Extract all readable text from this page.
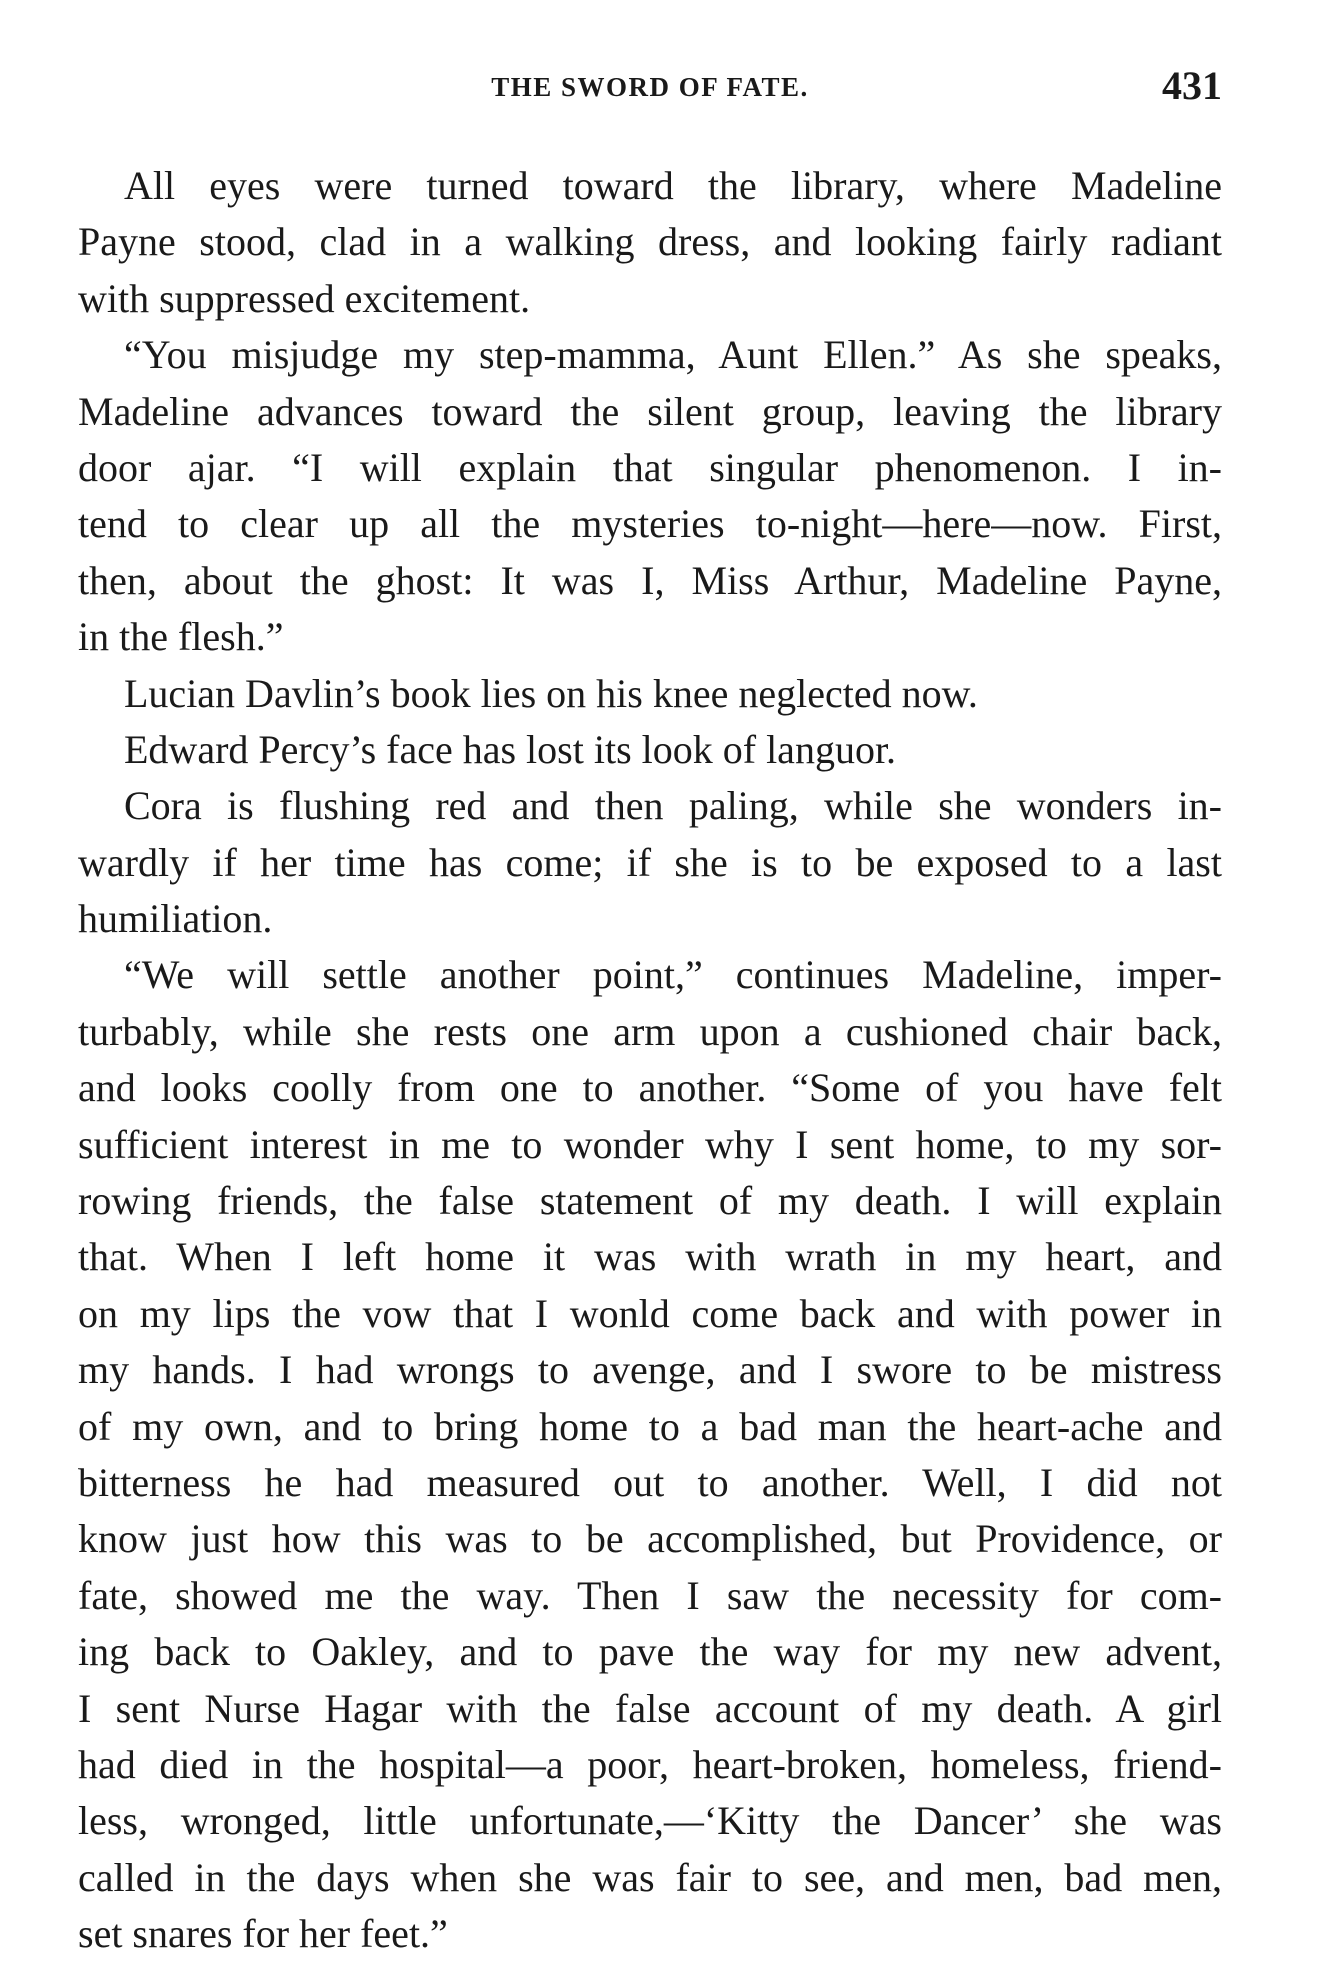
THE SWORD OF FATE.	431
All eyes were turned toward the library, where Madeline
Payne stood, clad in a walking dress, and looking fairly radiant
with suppressed excitement.
“You misjudge my step-mamma, Aunt Ellen.” As she speaks,
Madeline advances toward the silent group, leaving the library
door ajar. “I will explain that singular phenomenon. I in-
tend to clear up all the mysteries to-night—here—now. First,
then, about the ghost: It was I, Miss Arthur, Madeline Payne,
in the flesh.”
Lucian Davlin’s book lies on his knee neglected now.
Edward Percy’s face has lost its look of languor.
Cora is flushing red and then paling, while she wonders in-
wardly if her time has come; if she is to be exposed to a last
humiliation.
“We will settle another point,” continues Madeline, imper-
turbably, while she rests one arm upon a cushioned chair back,
and looks coolly from one to another. “Some of you have felt
sufficient interest in me to wonder why I sent home, to my sor-
rowing friends, the false statement of my death. I will explain
that. When I left home it was with wrath in my heart, and
on my lips the vow that I wonld come back and with power in
my hands. I had wrongs to avenge, and I swore to be mistress
of my own, and to bring home to a bad man the heart-ache and
bitterness he had measured out to another. Well, I did not
know just how this was to be accomplished, but Providence, or
fate, showed me the way. Then I saw the necessity for com-
ing back to Oakley, and to pave the way for my new advent,
I sent Nurse Hagar with the false account of my death. A girl
had died in the hospital—a poor, heart-broken, homeless, friend-
less, wronged, little unfortunate,—‘Kitty the Dancer’ she was
called in the days when she was fair to see, and men, bad men,
set snares for her feet.”
